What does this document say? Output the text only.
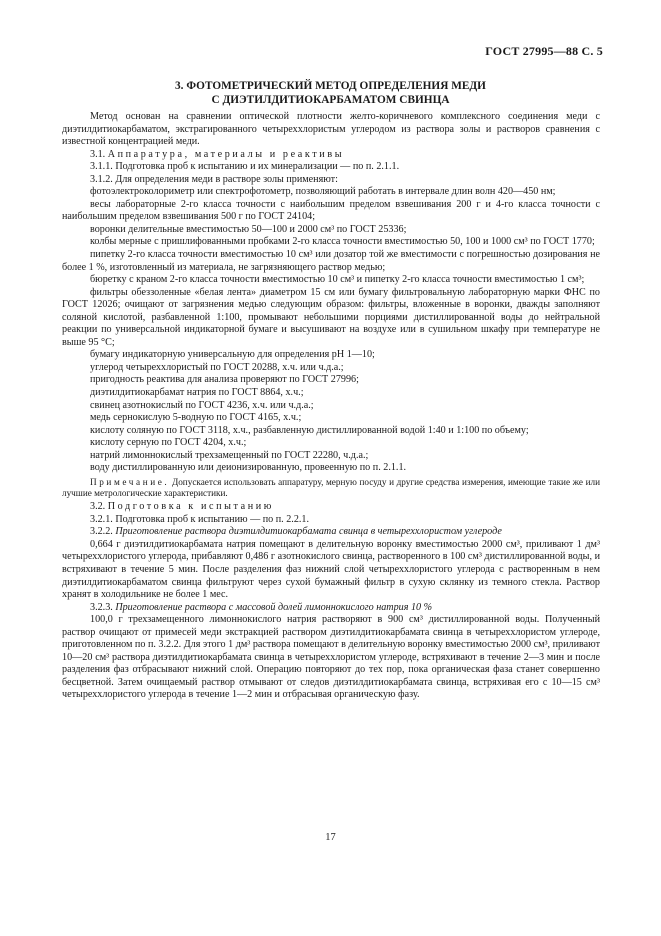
ГОСТ 27995—88 С. 5
3. ФОТОМЕТРИЧЕСКИЙ МЕТОД ОПРЕДЕЛЕНИЯ МЕДИ
С ДИЭТИЛДИТИОКАРБАМАТОМ СВИНЦА

Метод основан на сравнении оптической плотности желто-коричневого комплексного соединения меди с диэтилдитиокарбаматом, экстрагированного четыреххлористым углеродом из раствора золы и растворов сравнения с известной концентрацией меди.

3.1. Аппаратура, материалы и реактивы

3.1.1. Подготовка проб к испытанию и их минерализации — по п. 2.1.1.

3.1.2. Для определения меди в растворе золы применяют:

фотоэлектроколориметр или спектрофотометр, позволяющий работать в интервале длин волн 420—450 нм;

весы лабораторные 2-го класса точности с наибольшим пределом взвешивания 200 г и 4-го класса точности с наибольшим пределом взвешивания 500 г по ГОСТ 24104;

воронки делительные вместимостью 50—100 и 2000 см³ по ГОСТ 25336;

колбы мерные с пришлифованными пробками 2-го класса точности вместимостью 50, 100 и 1000 см³ по ГОСТ 1770;

пипетку 2-го класса точности вместимостью 10 см³ или дозатор той же вместимости с погрешностью дозирования не более 1 %, изготовленный из материала, не загрязняющего раствор медью;

бюретку с краном 2-го класса точности вместимостью 10 см³ и пипетку 2-го класса точности вместимостью 1 см³;

фильтры обеззоленные «белая лента» диаметром 15 см или бумагу фильтровальную лабораторную марки ФНС по ГОСТ 12026; очищают от загрязнения медью следующим образом: фильтры, вложенные в воронки, дважды заполняют соляной кислотой, разбавленной 1:100, промывают небольшими порциями дистиллированной воды до нейтральной реакции по универсальной индикаторной бумаге и высушивают на воздухе или в сушильном шкафу при температуре не выше 95 °С;

бумагу индикаторную универсальную для определения pH 1—10;

углерод четыреххлористый по ГОСТ 20288, х.ч. или ч.д.а.;

пригодность реактива для анализа проверяют по ГОСТ 27996;

диэтилдитиокарбамат натрия по ГОСТ 8864, х.ч.;

свинец азотнокислый по ГОСТ 4236, х.ч. или ч.д.а.;

медь сернокислую 5-водную по ГОСТ 4165, х.ч.;

кислоту соляную по ГОСТ 3118, х.ч., разбавленную дистиллированной водой 1:40 и 1:100 по объему;

кислоту серную по ГОСТ 4204, х.ч.;

натрий лимоннокислый трехзамещенный по ГОСТ 22280, ч.д.а.;

воду дистиллированную или деионизированную, провеенную по п. 2.1.1.

Примечание. Допускается использовать аппаратуру, мерную посуду и другие средства измерения, имеющие такие же или лучшие метрологические характеристики.

3.2. Подготовка к испытанию

3.2.1. Подготовка проб к испытанию — по п. 2.2.1.

3.2.2. Приготовление раствора диэтилдитиокарбамата свинца в четыреххлористом углероде

0,664 г диэтилдитиокарбамата натрия помещают в делительную воронку вместимостью 2000 см³, приливают 1 дм³ четыреххлористого углерода, прибавляют 0,486 г азотнокислого свинца, растворенного в 100 см³ дистиллированной воды, и встряхивают в течение 5 мин. После разделения фаз нижний слой четыреххлористого углерода с растворенным в нем диэтилдитиокарбаматом свинца фильтруют через сухой бумажный фильтр в сухую склянку из темного стекла. Раствор хранят в холодильнике не более 1 мес.

3.2.3. Приготовление раствора с массовой долей лимоннокислого натрия 10 %

100,0 г трехзамещенного лимоннокислого натрия растворяют в 900 см³ дистиллированной воды. Полученный раствор очищают от примесей меди экстракцией раствором диэтилдитиокарбамата свинца в четыреххлористом углероде, приготовленном по п. 3.2.2. Для этого 1 дм³ раствора помещают в делительную воронку вместимостью 2000 см³, приливают 10—20 см³ раствора диэтилдитиокарбамата свинца в четыреххлористом углероде, встряхивают в течение 2—3 мин и после разделения фаз отбрасывают нижний слой. Операцию повторяют до тех пор, пока органическая фаза станет совершенно бесцветной. Затем очищаемый раствор отмывают от следов диэтилдитиокарбамата свинца, встряхивая его с 10—15 см³ четыреххлористого углерода в течение 1—2 мин и отбрасывая органическую фазу.

17
